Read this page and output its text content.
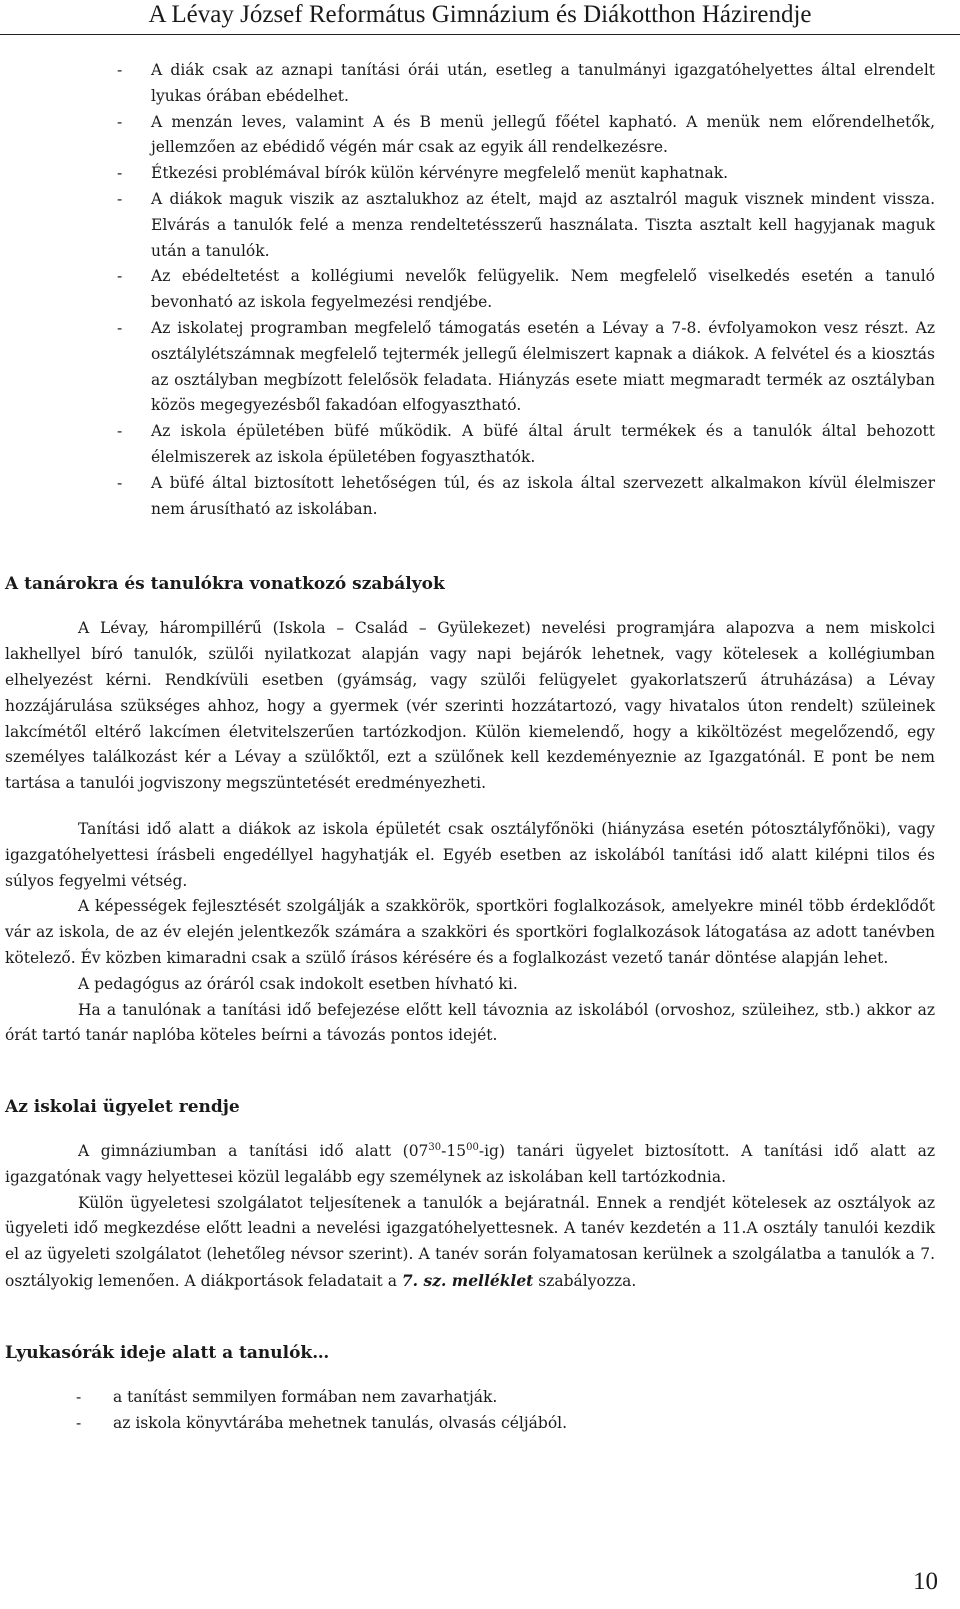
A Lévay József Református Gimnázium és Diákotthon Házirendje
- A diák csak az aznapi tanítási órái után, esetleg a tanulmányi igazgatóhelyettes által elrendelt lyukas órában ebédelhet.
- A menzán leves, valamint A és B menü jellegű főétel kapható. A menük nem előrendelhetők, jellemzően az ebédidő végén már csak az egyik áll rendelkezésre.
- Étkezési problémával bírók külön kérvényre megfelelő menüt kaphatnak.
- A diákok maguk viszik az asztalukhoz az ételt, majd az asztalról maguk visznek mindent vissza. Elvárás a tanulók felé a menza rendeltetésszerű használata. Tiszta asztalt kell hagyjanak maguk után a tanulók.
- Az ebédeltetést a kollégiumi nevelők felügyelik. Nem megfelelő viselkedés esetén a tanuló bevonható az iskola fegyelmezési rendjébe.
- Az iskolatej programban megfelelő támogatás esetén a Lévay a 7-8. évfolyamokon vesz részt. Az osztálylétszámnak megfelelő tejtermék jellegű élelmiszert kapnak a diákok. A felvétel és a kiosztás az osztályban megbízott felelősök feladata. Hiányzás esete miatt megmaradt termék az osztályban közös megegyezésből fakadóan elfogyasztható.
- Az iskola épületében büfé működik. A büfé által árult termékek és a tanulók által behozott élelmiszerek az iskola épületében fogyaszthatók.
- A büfé által biztosított lehetőségen túl, és az iskola által szervezett alkalmakon kívül élelmiszer nem árusítható az iskolában.
A tanárokra és tanulókra vonatkozó szabályok

A Lévay, hárompillérű (Iskola – Család – Gyülekezet) nevelési programjára alapozva a nem miskolci lakhellyel bíró tanulók, szülői nyilatkozat alapján vagy napi bejárók lehetnek, vagy kötelesek a kollégiumban elhelyezést kérni. Rendkívüli esetben (gyámság, vagy szülői felügyelet gyakorlatszerű átruházása) a Lévay hozzájárulása szükséges ahhoz, hogy a gyermek (vér szerinti hozzátartozó, vagy hivatalos úton rendelt) szüleinek lakcímétől eltérő lakcímen életvitelszerűen tartózkodjon. Külön kiemelendő, hogy a kiköltözést megelőzendő, egy személyes találkozást kér a Lévay a szülőktől, ezt a szülőnek kell kezdeményeznie az Igazgatónál. E pont be nem tartása a tanulói jogviszony megszüntetését eredményezheti.

Tanítási idő alatt a diákok az iskola épületét csak osztályfőnöki (hiányzása esetén pótosztályfőnöki), vagy igazgatóhelyettesi írásbeli engedéllyel hagyhatják el. Egyéb esetben az iskolából tanítási idő alatt kilépni tilos és súlyos fegyelmi vétség.

A képességek fejlesztését szolgálják a szakkörök, sportköri foglalkozások, amelyekre minél több érdeklődőt vár az iskola, de az év elején jelentkezők számára a szakköri és sportköri foglalkozások látogatása az adott tanévben kötelező. Év közben kimaradni csak a szülő írásos kérésére és a foglalkozást vezető tanár döntése alapján lehet.

A pedagógus az óráról csak indokolt esetben hívható ki.

Ha a tanulónak a tanítási idő befejezése előtt kell távoznia az iskolából (orvoshoz, szüleihez, stb.) akkor az órát tartó tanár naplóba köteles beírni a távozás pontos idejét.

Az iskolai ügyelet rendje

A gimnáziumban a tanítási idő alatt $(07^{30}-15^{00}-ig)$ tanári ügyelet biztosított. A tanítási idő alatt az igazgatónak vagy helyettesei közül legalább egy személynek az iskolában kell tartózkodnia.

Külön ügyeletesi szolgálatot teljesítenek a tanulók a bejáratnál. Ennek a rendjét kötelesek az osztályok az ügyeleti idő megkezdése előtt leadni a nevelési igazgatóhelyettesnek. A tanév kezdetén a 11.A osztály tanulói kezdik el az ügyeleti szolgálatot (lehetőleg névsor szerint). A tanév során folyamatosan kerülnek a szolgálatba a tanulók a 7. osztályokig lemenően. A diákportások feladatait a 7. sz. melléklet szabályozza.

Lyukasórák ideje alatt a tanulók…
- a tanítást semmilyen formában nem zavarhatják.
- az iskola könyvtárába mehetnek tanulás, olvasás céljából.
10
